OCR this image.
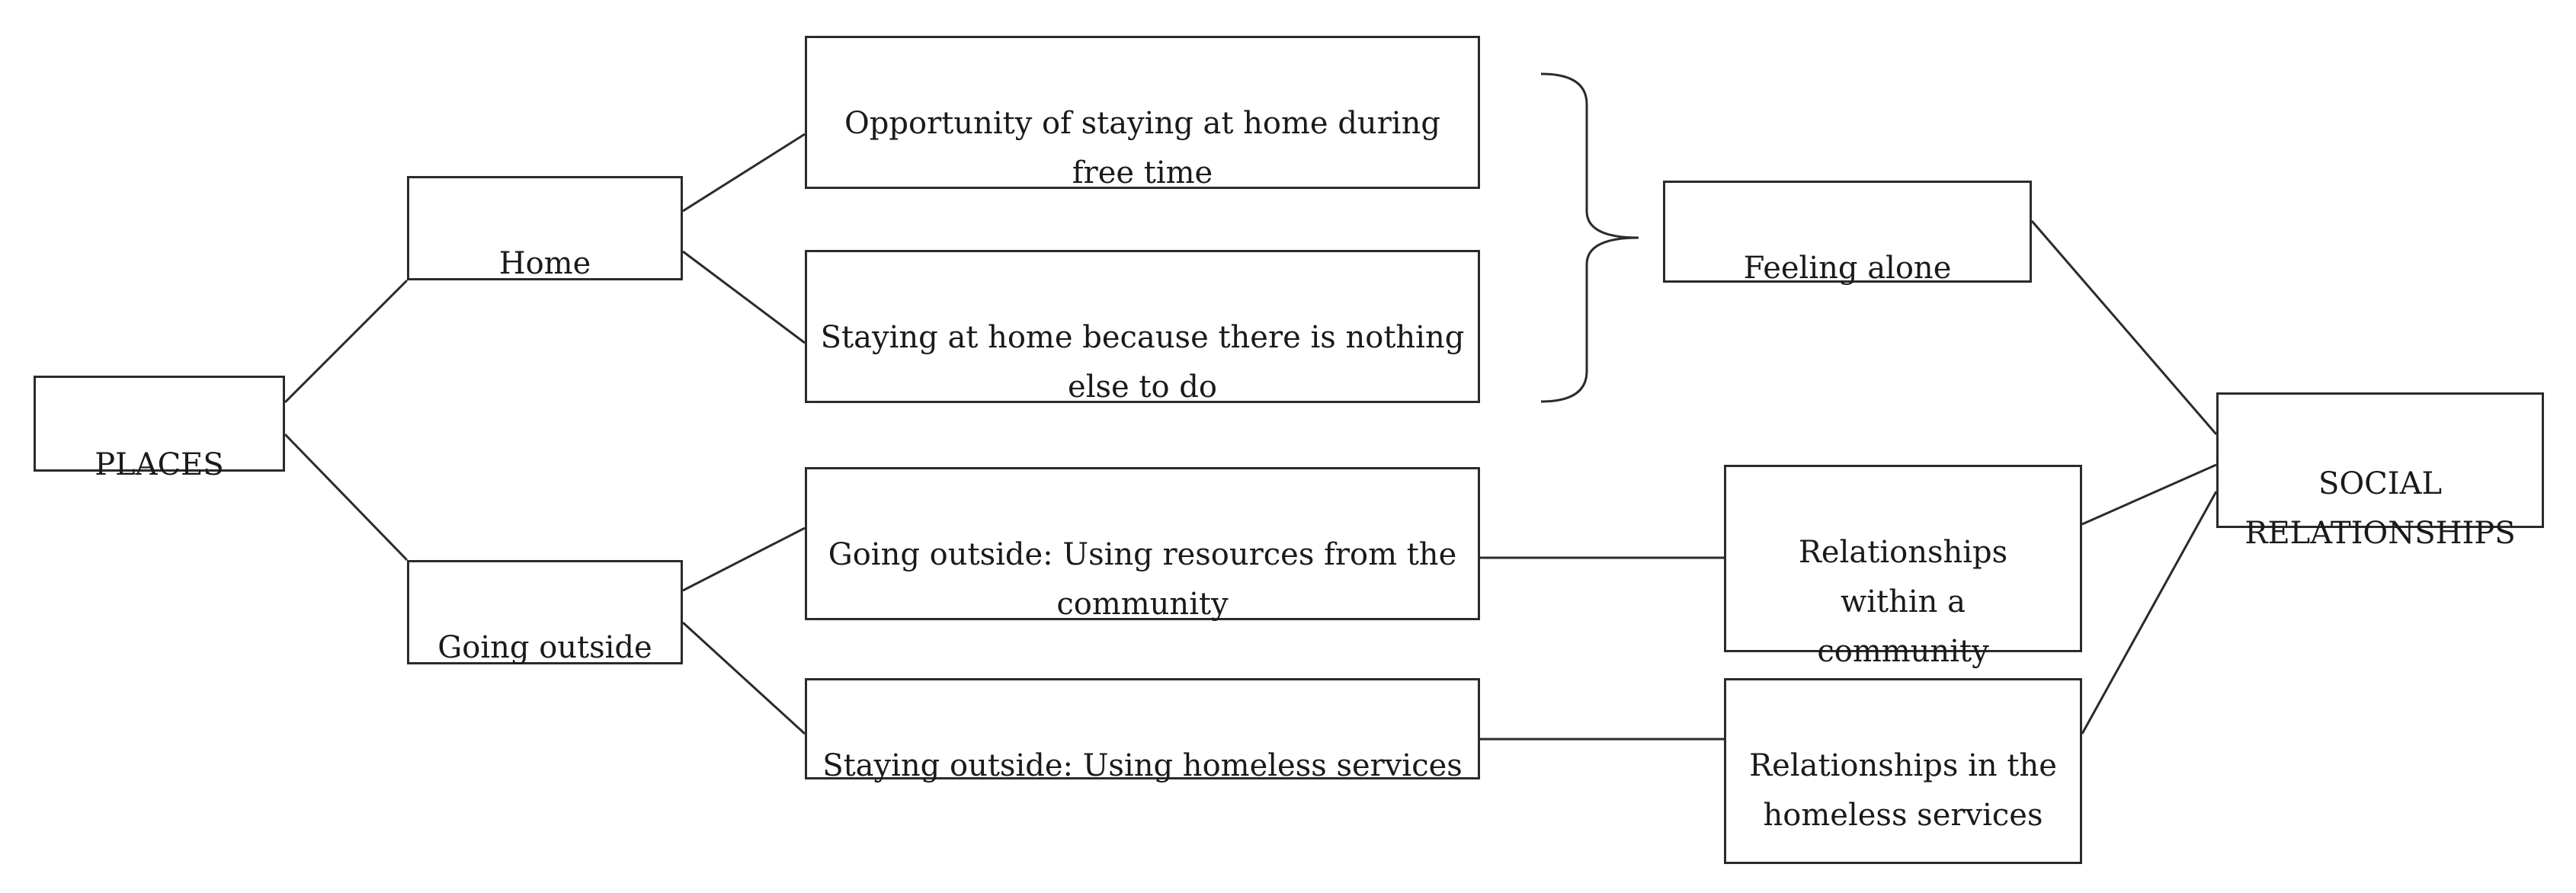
PLACES

Home

Going outside

Opportunity of staying at home during
free time

Staying at home because there is nothing
else to do

Going outside: Using resources from the
community

Staying outside: Using homeless services

Feeling alone

Relationships
within a
community

Relationships in the
homeless services

SOCIAL
RELATIONSHIPS
